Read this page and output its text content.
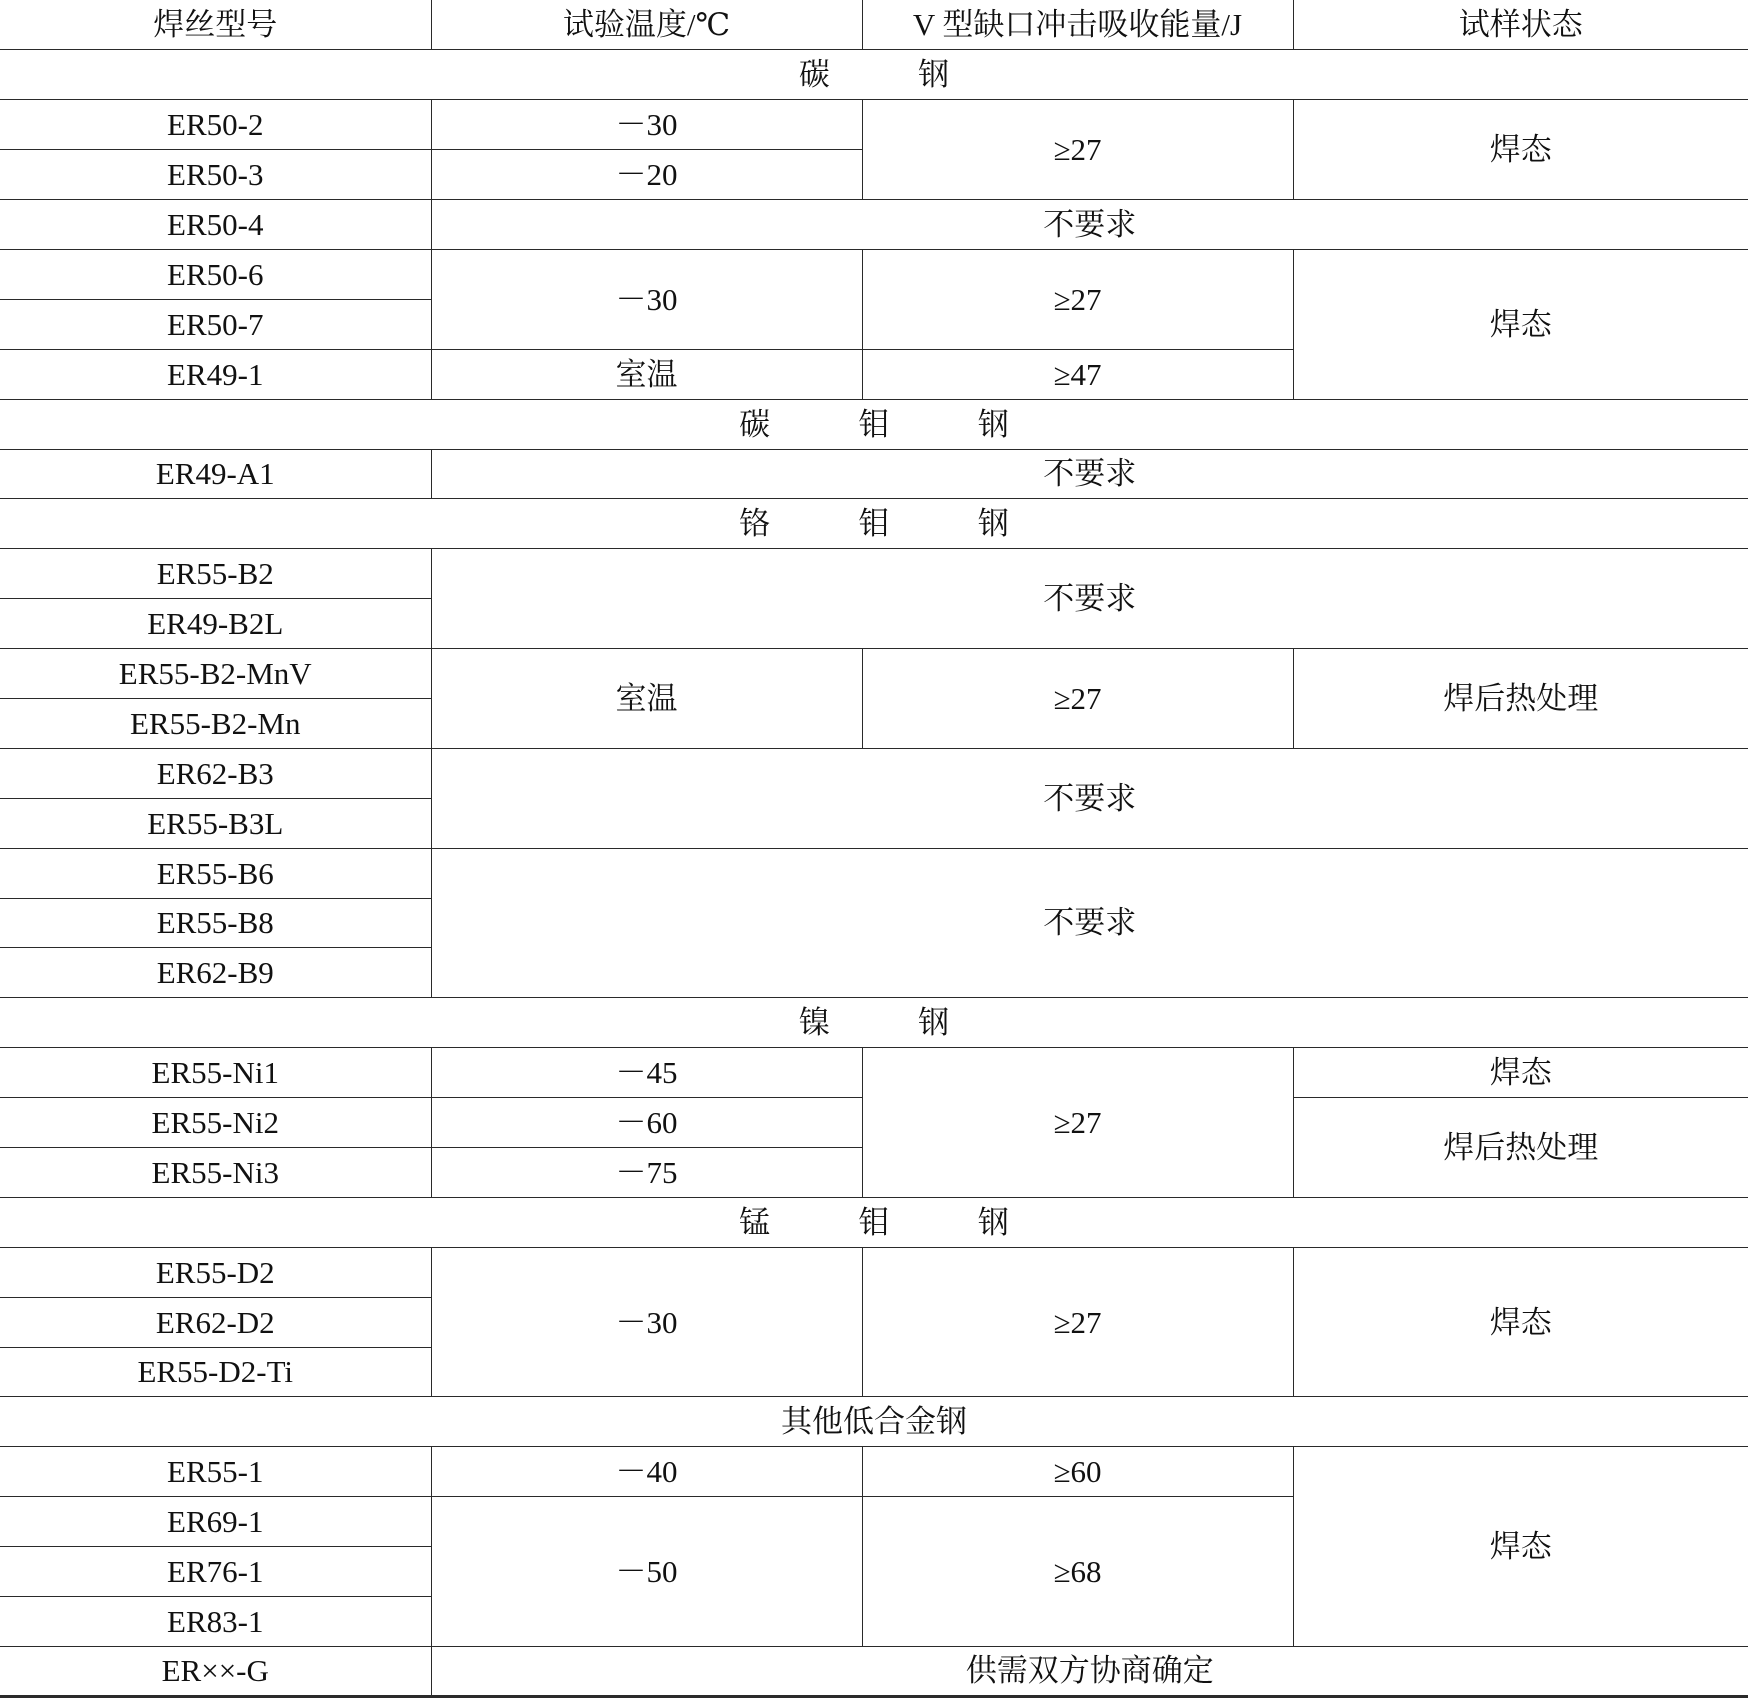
焊丝型号	试验温度/℃	V 型缺口冲击吸收能量/J	试样状态
碳 钢			
ER50-2	－30	≥27	焊态
ER50-3	－20		
ER50-4	不要求		
ER50-6	－30	≥27	焊态
ER50-7			
ER49-1	室温	≥47	
碳 钼 钢			
ER49-A1	不要求		
铬 钼 钢			
ER55-B2	不要求		
ER49-B2L			
ER55-B2-MnV	室温	≥27	焊后热处理
ER55-B2-Mn			
ER62-B3	不要求		
ER55-B3L			
ER55-B6	不要求		
ER55-B8			
ER62-B9			
镍 钢			
ER55-Ni1	－45	≥27	焊态
ER55-Ni2	－60		焊后热处理
ER55-Ni3	－75		
锰 钼 钢			
ER55-D2	－30	≥27	焊态
ER62-D2			
ER55-D2-Ti			
其他低合金钢			
ER55-1	－40	≥60	焊态
ER69-1	－50	≥68	
ER76-1			
ER83-1			
ER××-G	供需双方协商确定		
